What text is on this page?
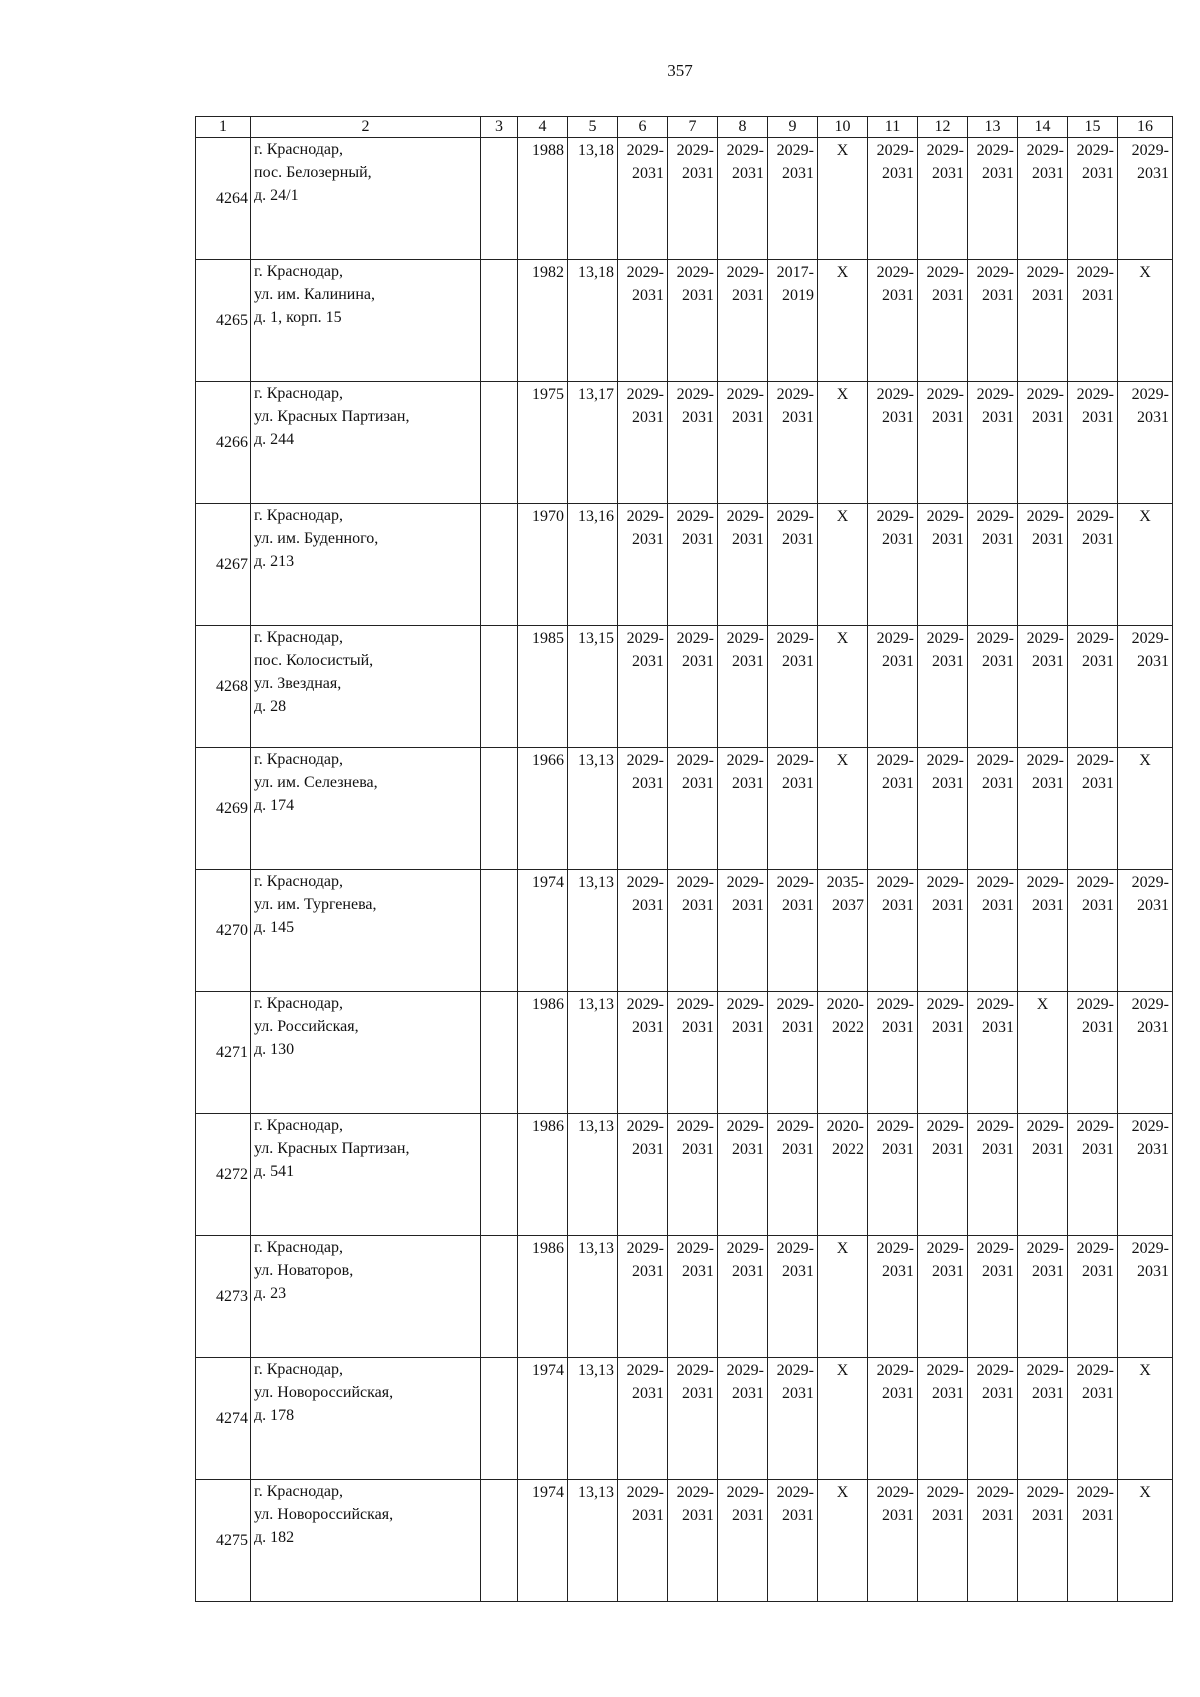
357
1	2	3	4	5	6	7	8	9	10	11	12	13	14	15	16
4264	г. Краснодар,
пос. Белозерный,
д. 24/1		1988	13,18	2029-
2031	2029-
2031	2029-
2031	2029-
2031	X	2029-
2031	2029-
2031	2029-
2031	2029-
2031	2029-
2031	2029-
2031
4265	г. Краснодар,
ул. им. Калинина,
д. 1, корп. 15		1982	13,18	2029-
2031	2029-
2031	2029-
2031	2017-
2019	X	2029-
2031	2029-
2031	2029-
2031	2029-
2031	2029-
2031	X
4266	г. Краснодар,
ул. Красных Партизан,
д. 244		1975	13,17	2029-
2031	2029-
2031	2029-
2031	2029-
2031	X	2029-
2031	2029-
2031	2029-
2031	2029-
2031	2029-
2031	2029-
2031
4267	г. Краснодар,
ул. им. Буденного,
д. 213		1970	13,16	2029-
2031	2029-
2031	2029-
2031	2029-
2031	X	2029-
2031	2029-
2031	2029-
2031	2029-
2031	2029-
2031	X
4268	г. Краснодар,
пос. Колосистый,
ул. Звездная,
д. 28		1985	13,15	2029-
2031	2029-
2031	2029-
2031	2029-
2031	X	2029-
2031	2029-
2031	2029-
2031	2029-
2031	2029-
2031	2029-
2031
4269	г. Краснодар,
ул. им. Селезнева,
д. 174		1966	13,13	2029-
2031	2029-
2031	2029-
2031	2029-
2031	X	2029-
2031	2029-
2031	2029-
2031	2029-
2031	2029-
2031	X
4270	г. Краснодар,
ул. им. Тургенева,
д. 145		1974	13,13	2029-
2031	2029-
2031	2029-
2031	2029-
2031	2035-
2037	2029-
2031	2029-
2031	2029-
2031	2029-
2031	2029-
2031	2029-
2031
4271	г. Краснодар,
ул. Российская,
д. 130		1986	13,13	2029-
2031	2029-
2031	2029-
2031	2029-
2031	2020-
2022	2029-
2031	2029-
2031	2029-
2031	X	2029-
2031	2029-
2031
4272	г. Краснодар,
ул. Красных Партизан,
д. 541		1986	13,13	2029-
2031	2029-
2031	2029-
2031	2029-
2031	2020-
2022	2029-
2031	2029-
2031	2029-
2031	2029-
2031	2029-
2031	2029-
2031
4273	г. Краснодар,
ул. Новаторов,
д. 23		1986	13,13	2029-
2031	2029-
2031	2029-
2031	2029-
2031	X	2029-
2031	2029-
2031	2029-
2031	2029-
2031	2029-
2031	2029-
2031
4274	г. Краснодар,
ул. Новороссийская,
д. 178		1974	13,13	2029-
2031	2029-
2031	2029-
2031	2029-
2031	X	2029-
2031	2029-
2031	2029-
2031	2029-
2031	2029-
2031	X
4275	г. Краснодар,
ул. Новороссийская,
д. 182		1974	13,13	2029-
2031	2029-
2031	2029-
2031	2029-
2031	X	2029-
2031	2029-
2031	2029-
2031	2029-
2031	2029-
2031	X
